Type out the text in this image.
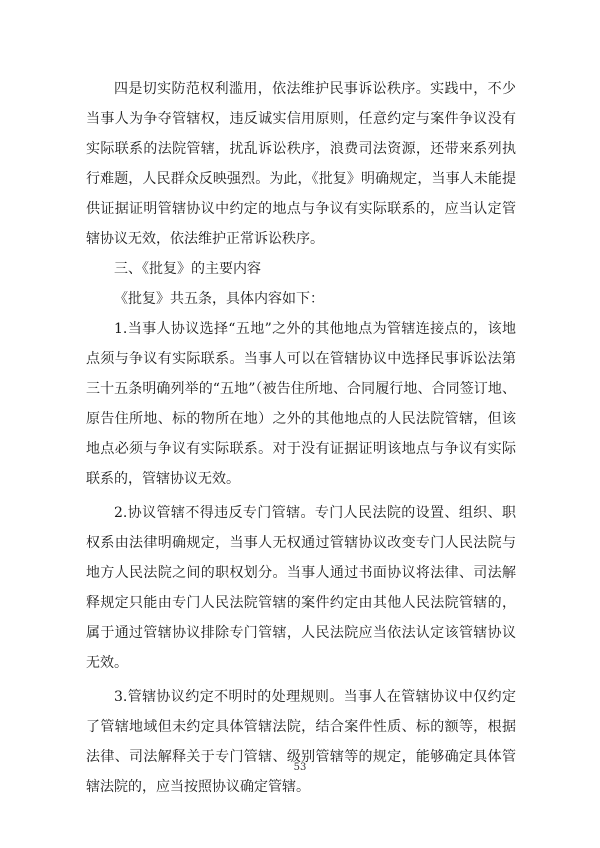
四是切实防范权利滥用，依法维护民事诉讼秩序。实践中，不少当事人为争夺管辖权，违反诚实信用原则，任意约定与案件争议没有实际联系的法院管辖，扰乱诉讼秩序，浪费司法资源，还带来系列执行难题，人民群众反映强烈。为此，《批复》明确规定，当事人未能提供证据证明管辖协议中约定的地点与争议有实际联系的，应当认定管辖协议无效，依法维护正常诉讼秩序。

三、《批复》的主要内容

《批复》共五条，具体内容如下：

1.当事人协议选择“五地”之外的其他地点为管辖连接点的，该地点须与争议有实际联系。当事人可以在管辖协议中选择民事诉讼法第三十五条明确列举的“五地”（被告住所地、合同履行地、合同签订地、原告住所地、标的物所在地）之外的其他地点的人民法院管辖，但该地点必须与争议有实际联系。对于没有证据证明该地点与争议有实际联系的，管辖协议无效。

2.协议管辖不得违反专门管辖。专门人民法院的设置、组织、职权系由法律明确规定，当事人无权通过管辖协议改变专门人民法院与地方人民法院之间的职权划分。当事人通过书面协议将法律、司法解释规定只能由专门人民法院管辖的案件约定由其他人民法院管辖的，属于通过管辖协议排除专门管辖，人民法院应当依法认定该管辖协议无效。

3.管辖协议约定不明时的处理规则。当事人在管辖协议中仅约定了管辖地域但未约定具体管辖法院，结合案件性质、标的额等，根据法律、司法解释关于专门管辖、级别管辖等的规定，能够确定具体管辖法院的，应当按照协议确定管辖。

53
